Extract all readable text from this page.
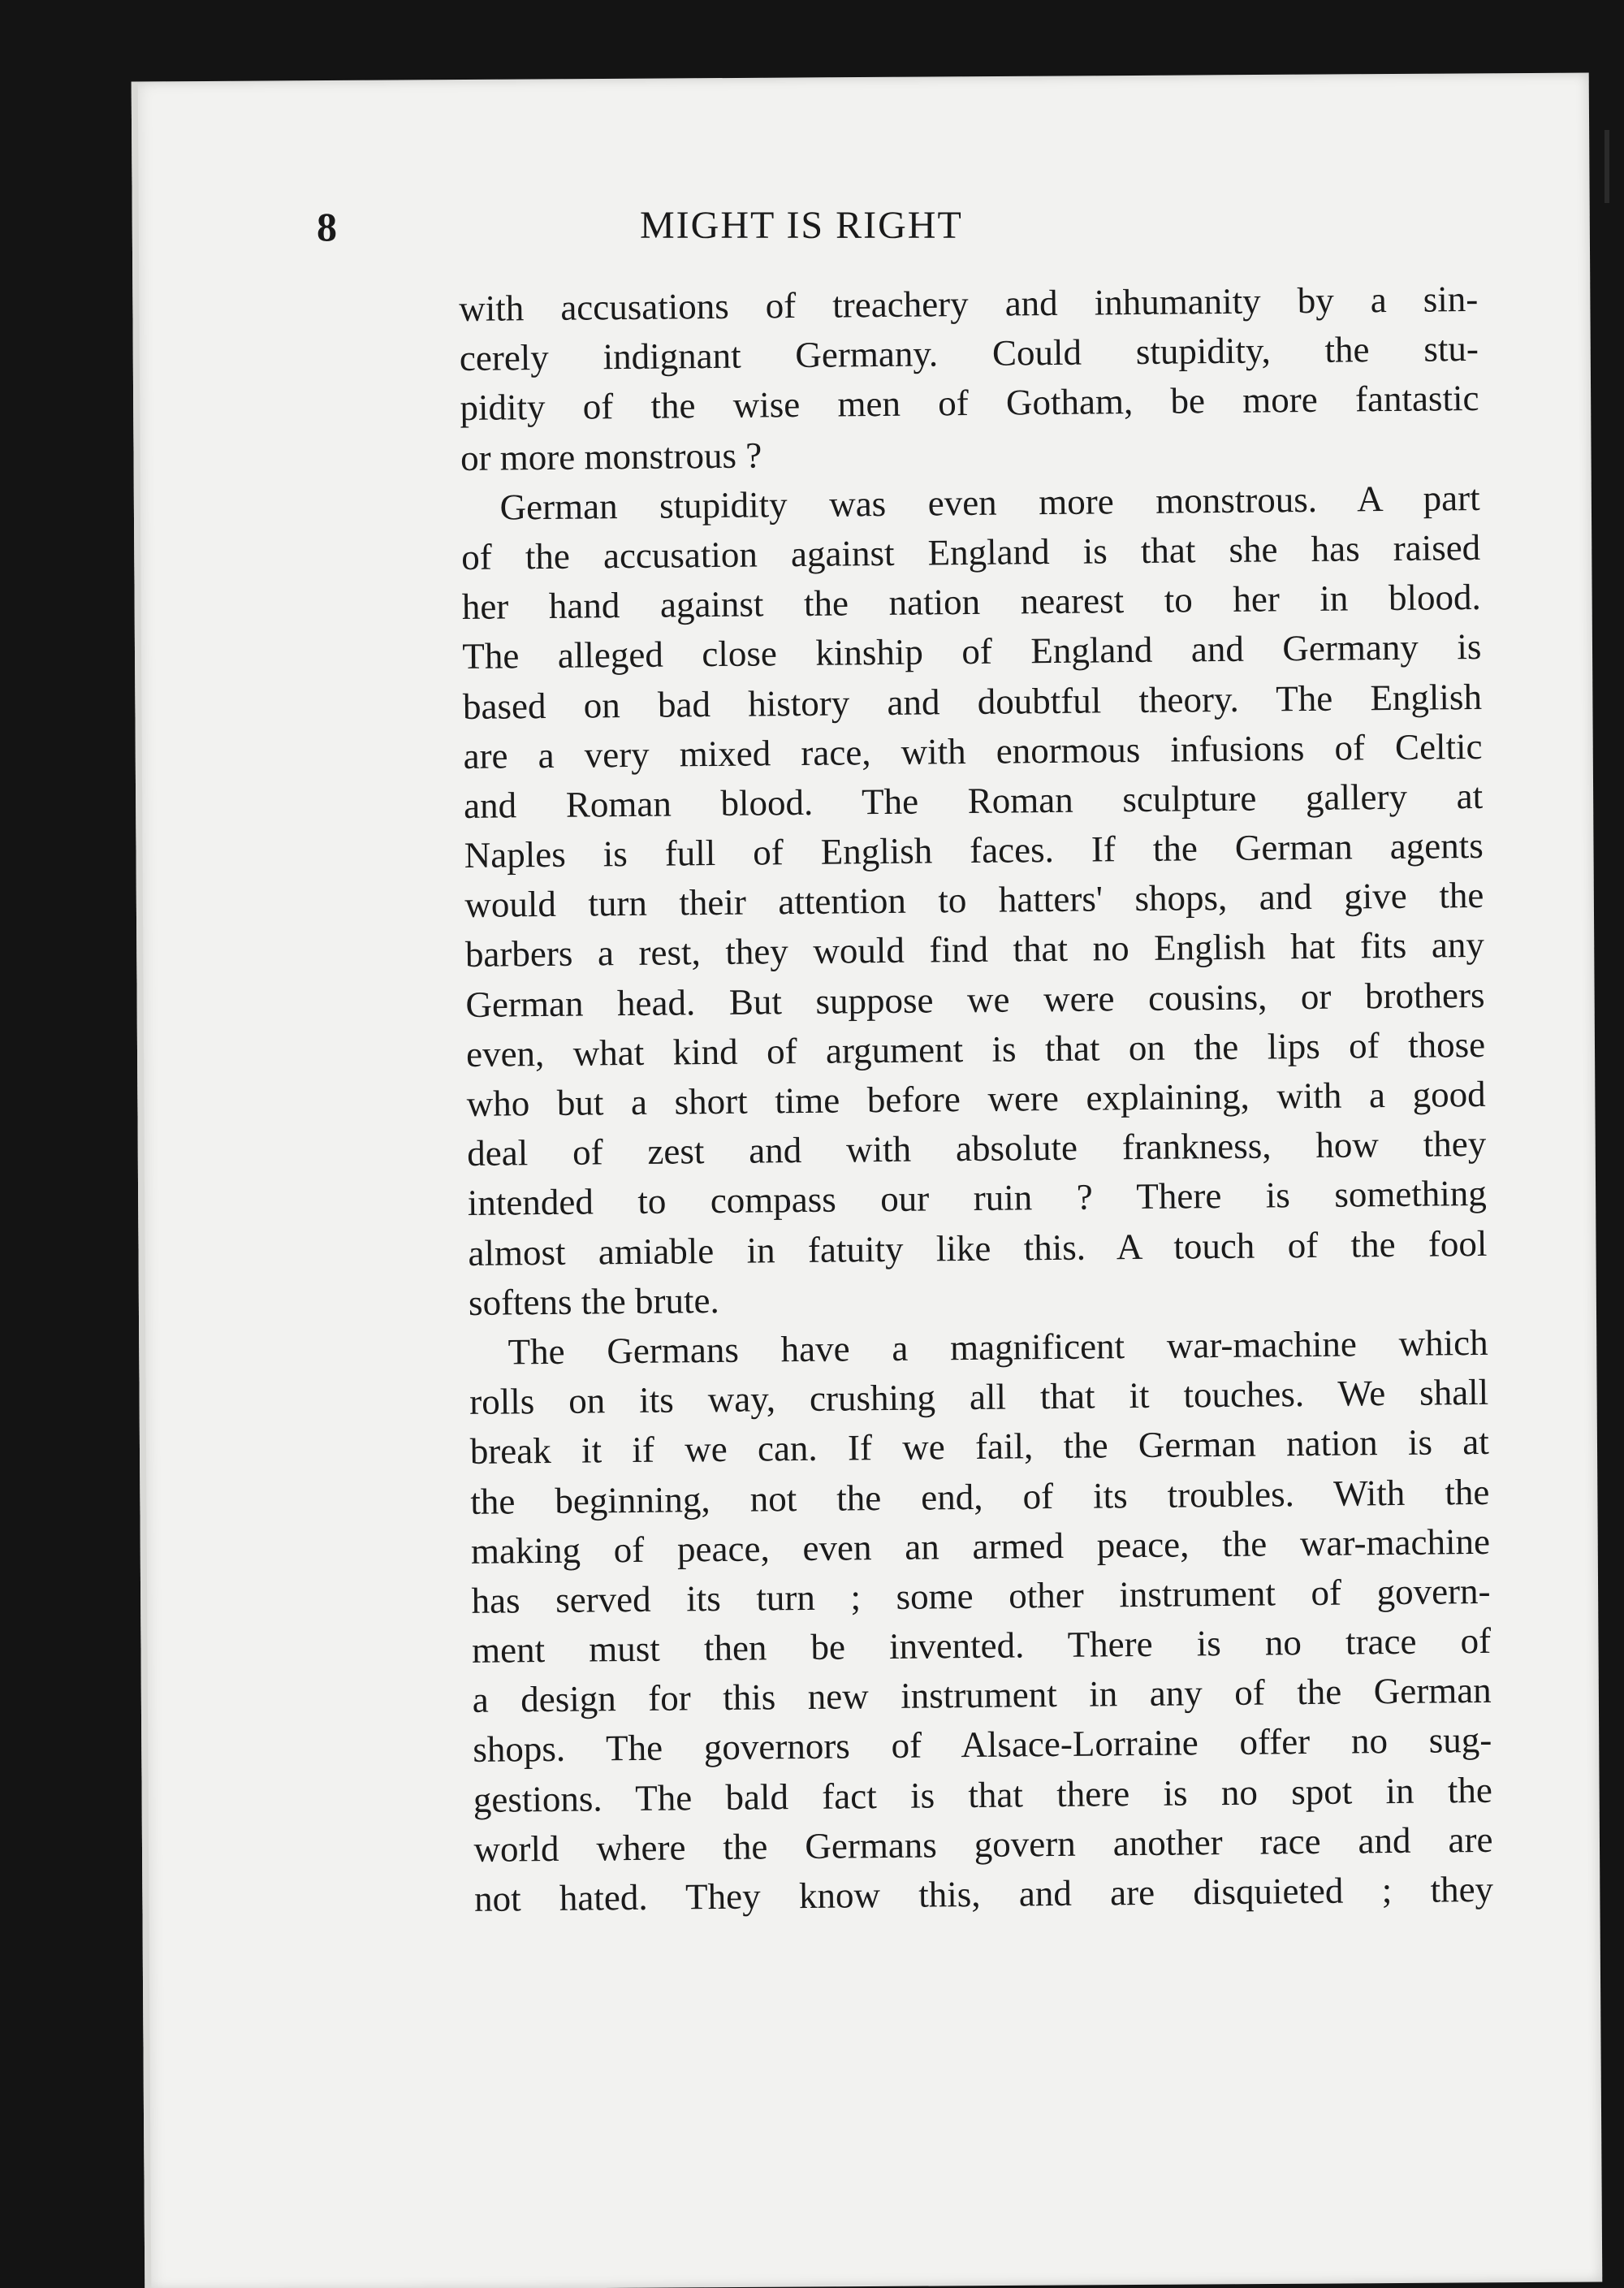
8	MIGHT IS RIGHT
with accusations of treachery and inhumanity by a sin-
cerely indignant Germany. Could stupidity, the stu-
pidity of the wise men of Gotham, be more fantastic
or more monstrous ?
German stupidity was even more monstrous. A part
of the accusation against England is that she has raised
her hand against the nation nearest to her in blood.
The alleged close kinship of England and Germany is
based on bad history and doubtful theory. The English
are a very mixed race, with enormous infusions of Celtic
and Roman blood. The Roman sculpture gallery at
Naples is full of English faces. If the German agents
would turn their attention to hatters' shops, and give the
barbers a rest, they would find that no English hat fits any
German head. But suppose we were cousins, or brothers
even, what kind of argument is that on the lips of those
who but a short time before were explaining, with a good
deal of zest and with absolute frankness, how they
intended to compass our ruin ? There is something
almost amiable in fatuity like this. A touch of the fool
softens the brute.
The Germans have a magnificent war-machine which
rolls on its way, crushing all that it touches. We shall
break it if we can. If we fail, the German nation is at
the beginning, not the end, of its troubles. With the
making of peace, even an armed peace, the war-machine
has served its turn ; some other instrument of govern-
ment must then be invented. There is no trace of
a design for this new instrument in any of the German
shops. The governors of Alsace-Lorraine offer no sug-
gestions. The bald fact is that there is no spot in the
world where the Germans govern another race and are
not hated. They know this, and are disquieted ; they
